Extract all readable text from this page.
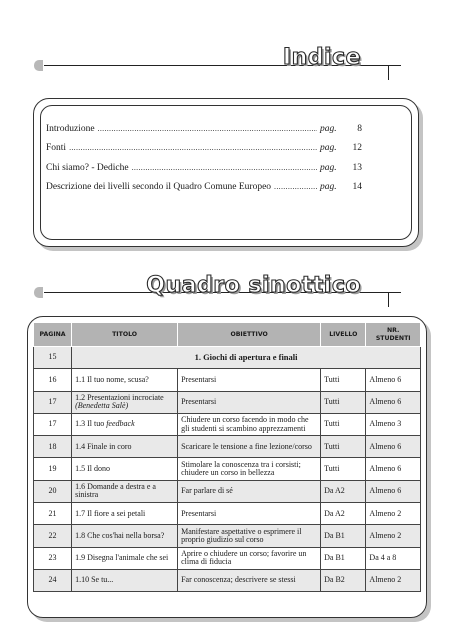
Indice
Introduzione .....	pag.	8
Fonti .....	pag.	12
Chi siamo? - Dediche .....	pag.	13
Descrizione dei livelli secondo il Quadro Comune Europeo .....	pag.	14
Quadro sinottico
PAGINA	TITOLO	OBIETTIVO	LIVELLO	NR.
STUDENTI
15	1. Giochi di apertura e finali			
16	1.1 Il tuo nome, scusa?	Presentarsi	Tutti	Almeno 6
17	1.2 Presentazioni incrociate
(Benedetta Salè)	Presentarsi	Tutti	Almeno 6
17	1.3 Il tuo feedback	Chiudere un corso facendo in modo che gli studenti si scambino apprezzamenti	Tutti	Almeno 3
18	1.4 Finale in coro	Scaricare le tensione a fine lezione/corso	Tutti	Almeno 6
19	1.5 Il dono	Stimolare la conoscenza tra i corsisti; chiudere un corso in bellezza	Tutti	Almeno 6
20	1.6 Domande a destra e a sinistra	Far parlare di sé	Da A2	Almeno 6
21	1.7 Il fiore a sei petali	Presentarsi	Da A2	Almeno 2
22	1.8 Che cos'hai nella borsa?	Manifestare aspettative o esprimere il proprio giudizio sul corso	Da B1	Almeno 2
23	1.9 Disegna l'animale che sei	Aprire o chiudere un corso; favorire un clima di fiducia	Da B1	Da 4 a 8
24	1.10 Se tu...	Far conoscenza; descrivere se stessi	Da B2	Almeno 2
